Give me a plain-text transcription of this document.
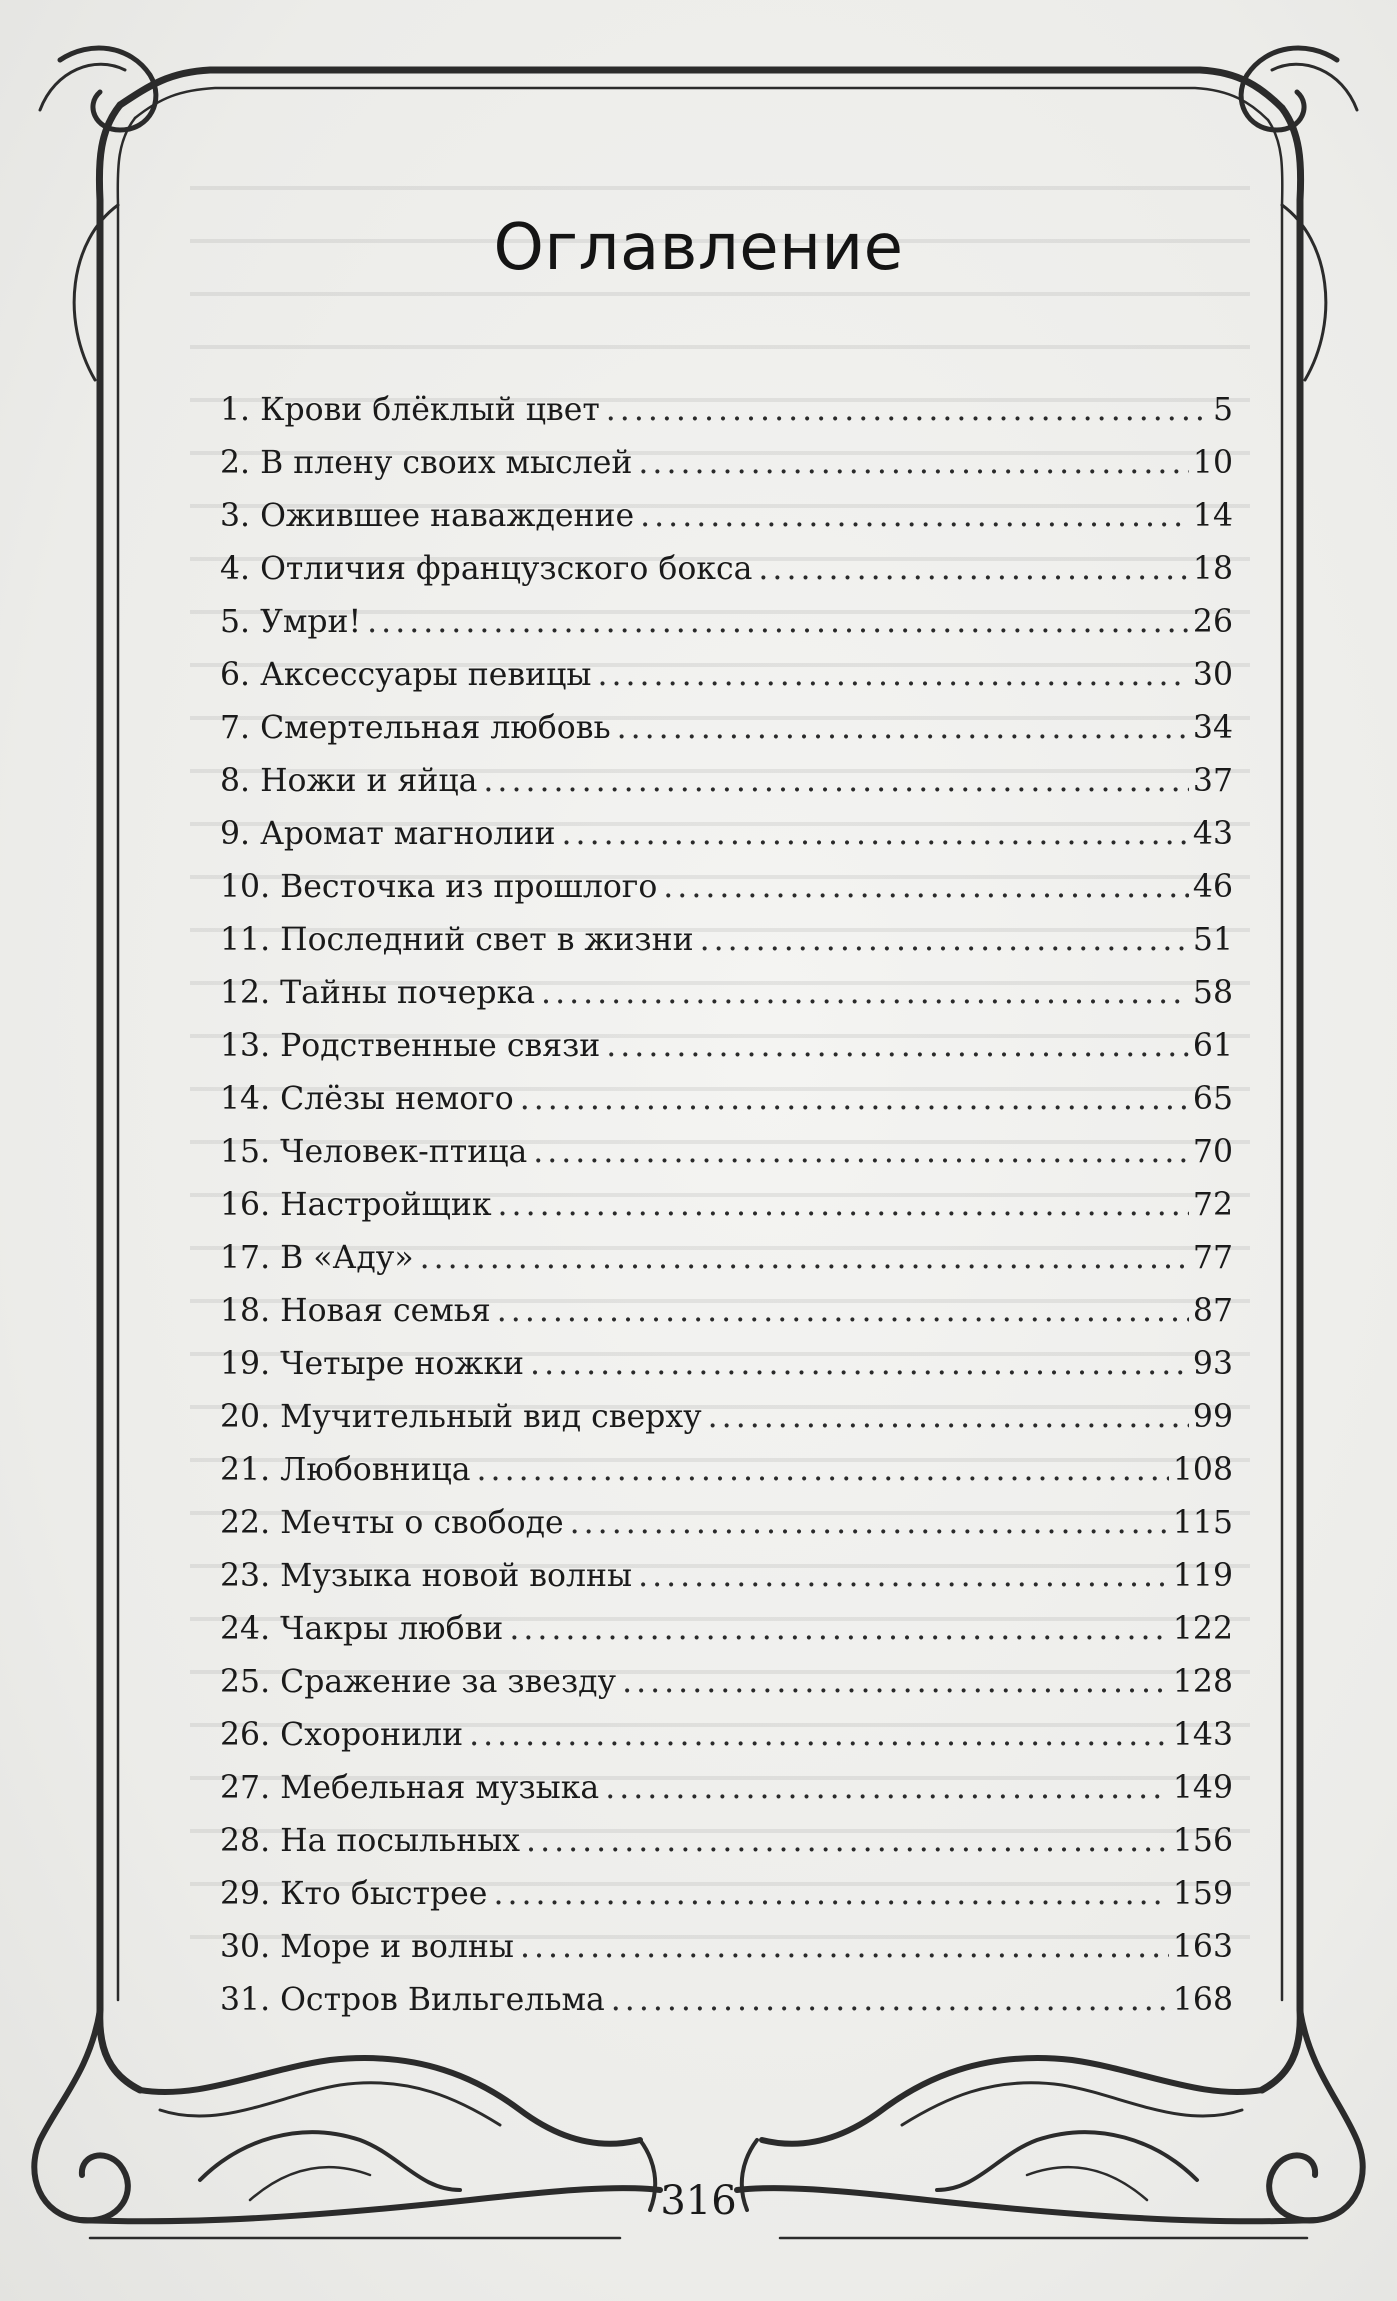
Оглавление
1. Крови блёклый цвет . . .	5
2. В плену своих мыслей . . .	10
3. Ожившее наваждение . . .	14
4. Отличия французского бокса . . .	18
5. Умри! . . .	26
6. Аксессуары певицы . . .	30
7. Смертельная любовь . . .	34
8. Ножи и яйца . . .	37
9. Аромат магнолии . . .	43
10. Весточка из прошлого . . .	46
11. Последний свет в жизни . . .	51
12. Тайны почерка . . .	58
13. Родственные связи . . .	61
14. Слёзы немого . . .	65
15. Человек-птица . . .	70
16. Настройщик . . .	72
17. В «Аду» . . .	77
18. Новая семья . . .	87
19. Четыре ножки . . .	93
20. Мучительный вид сверху . . .	99
21. Любовница . . .	108
22. Мечты о свободе . . .	115
23. Музыка новой волны . . .	119
24. Чакры любви . . .	122
25. Сражение за звезду . . .	128
26. Схоронили . . .	143
27. Мебельная музыка . . .	149
28. На посыльных . . .	156
29. Кто быстрее . . .	159
30. Море и волны . . .	163
31. Остров Вильгельма . . .	168
316
